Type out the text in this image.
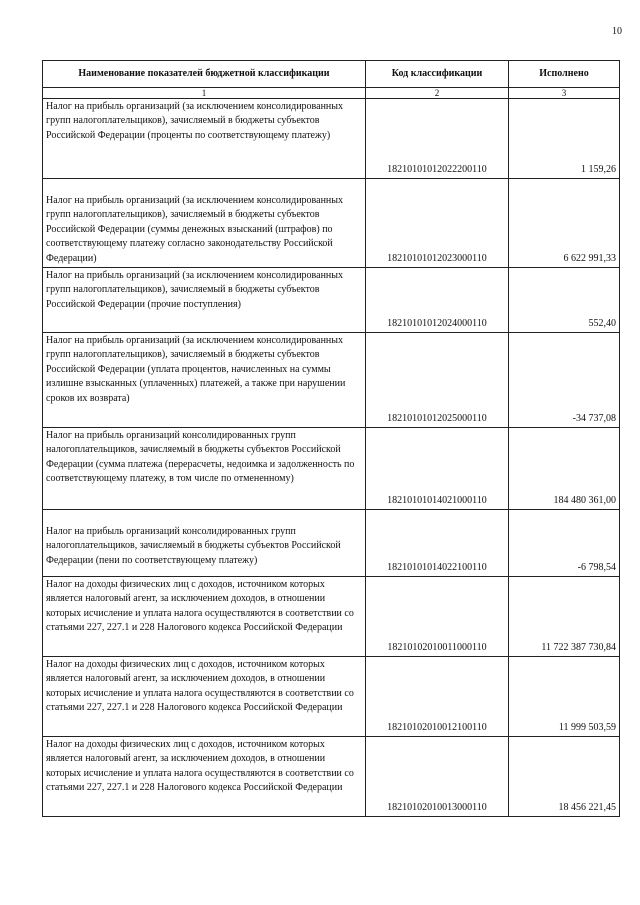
10
Наименование показателей бюджетной классификации	Код классификации	Исполнено
1	2	3

Налог на прибыль организаций (за исключением консолидированных групп налогоплательщиков), зачисляемый в бюджеты субъектов Российской Федерации (проценты по соответствующему платежу)	18210101012022200110	1 159,26

Налог на прибыль организаций (за исключением консолидированных групп налогоплательщиков), зачисляемый в бюджеты субъектов Российской Федерации (суммы денежных взысканий (штрафов) по соответствующему платежу согласно законодательству Российской Федерации)	18210101012023000110	6 622 991,33

Налог на прибыль организаций (за исключением консолидированных групп налогоплательщиков), зачисляемый в бюджеты субъектов Российской Федерации (прочие поступления)	18210101012024000110	552,40

Налог на прибыль организаций (за исключением консолидированных групп налогоплательщиков), зачисляемый в бюджеты субъектов Российской Федерации (уплата процентов, начисленных на суммы излишне взысканных (уплаченных) платежей, а также при нарушении сроков их возврата)	18210101012025000110	-34 737,08

Налог на прибыль организаций консолидированных групп налогоплательщиков, зачисляемый в бюджеты субъектов Российской Федерации (сумма платежа (перерасчеты, недоимка и задолженность по соответствующему платежу, в том числе по отмененному)	18210101014021000110	184 480 361,00

Налог на прибыль организаций консолидированных групп налогоплательщиков, зачисляемый в бюджеты субъектов Российской Федерации (пени по соответствующему платежу)	18210101014022100110	-6 798,54

Налог на доходы физических лиц с доходов, источником которых является налоговый агент, за исключением доходов, в отношении которых исчисление и уплата налога осуществляются в соответствии со статьями 227, 227.1 и 228 Налогового кодекса Российской Федерации	18210102010011000110	11 722 387 730,84

Налог на доходы физических лиц с доходов, источником которых является налоговый агент, за исключением доходов, в отношении которых исчисление и уплата налога осуществляются в соответствии со статьями 227, 227.1 и 228 Налогового кодекса Российской Федерации	18210102010012100110	11 999 503,59

Налог на доходы физических лиц с доходов, источником которых является налоговый агент, за исключением доходов, в отношении которых исчисление и уплата налога осуществляются в соответствии со статьями 227, 227.1 и 228 Налогового кодекса Российской Федерации	18210102010013000110	18 456 221,45
